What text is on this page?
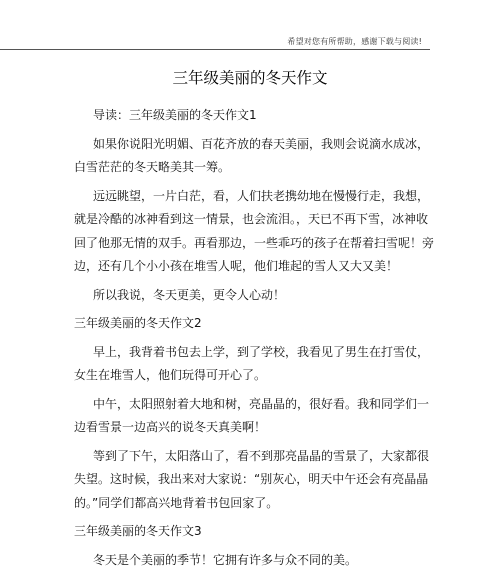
希望对您有所帮助，感谢下载与阅读!
三年级美丽的冬天作文

导读：三年级美丽的冬天作文1

如果你说阳光明媚、百花齐放的春天美丽，我则会说滴水成冰，
白雪茫茫的冬天略美其一筹。

远远眺望，一片白茫，看，人们扶老携幼地在慢慢行走，我想，
就是冷酷的冰神看到这一情景，也会流泪。，天已不再下雪，冰神收
回了他那无情的双手。再看那边，一些乖巧的孩子在帮着扫雪呢！旁
边，还有几个小小孩在堆雪人呢，他们堆起的雪人又大又美！

所以我说，冬天更美，更令人心动！

三年级美丽的冬天作文2

早上，我背着书包去上学，到了学校，我看见了男生在打雪仗，
女生在堆雪人，他们玩得可开心了。

中午，太阳照射着大地和树，亮晶晶的，很好看。我和同学们一
边看雪景一边高兴的说冬天真美啊！

等到了下午，太阳落山了，看不到那亮晶晶的雪景了，大家都很
失望。这时候，我出来对大家说：“别灰心，明天中午还会有亮晶晶
的。”同学们都高兴地背着书包回家了。

三年级美丽的冬天作文3

冬天是个美丽的季节！它拥有许多与众不同的美。
